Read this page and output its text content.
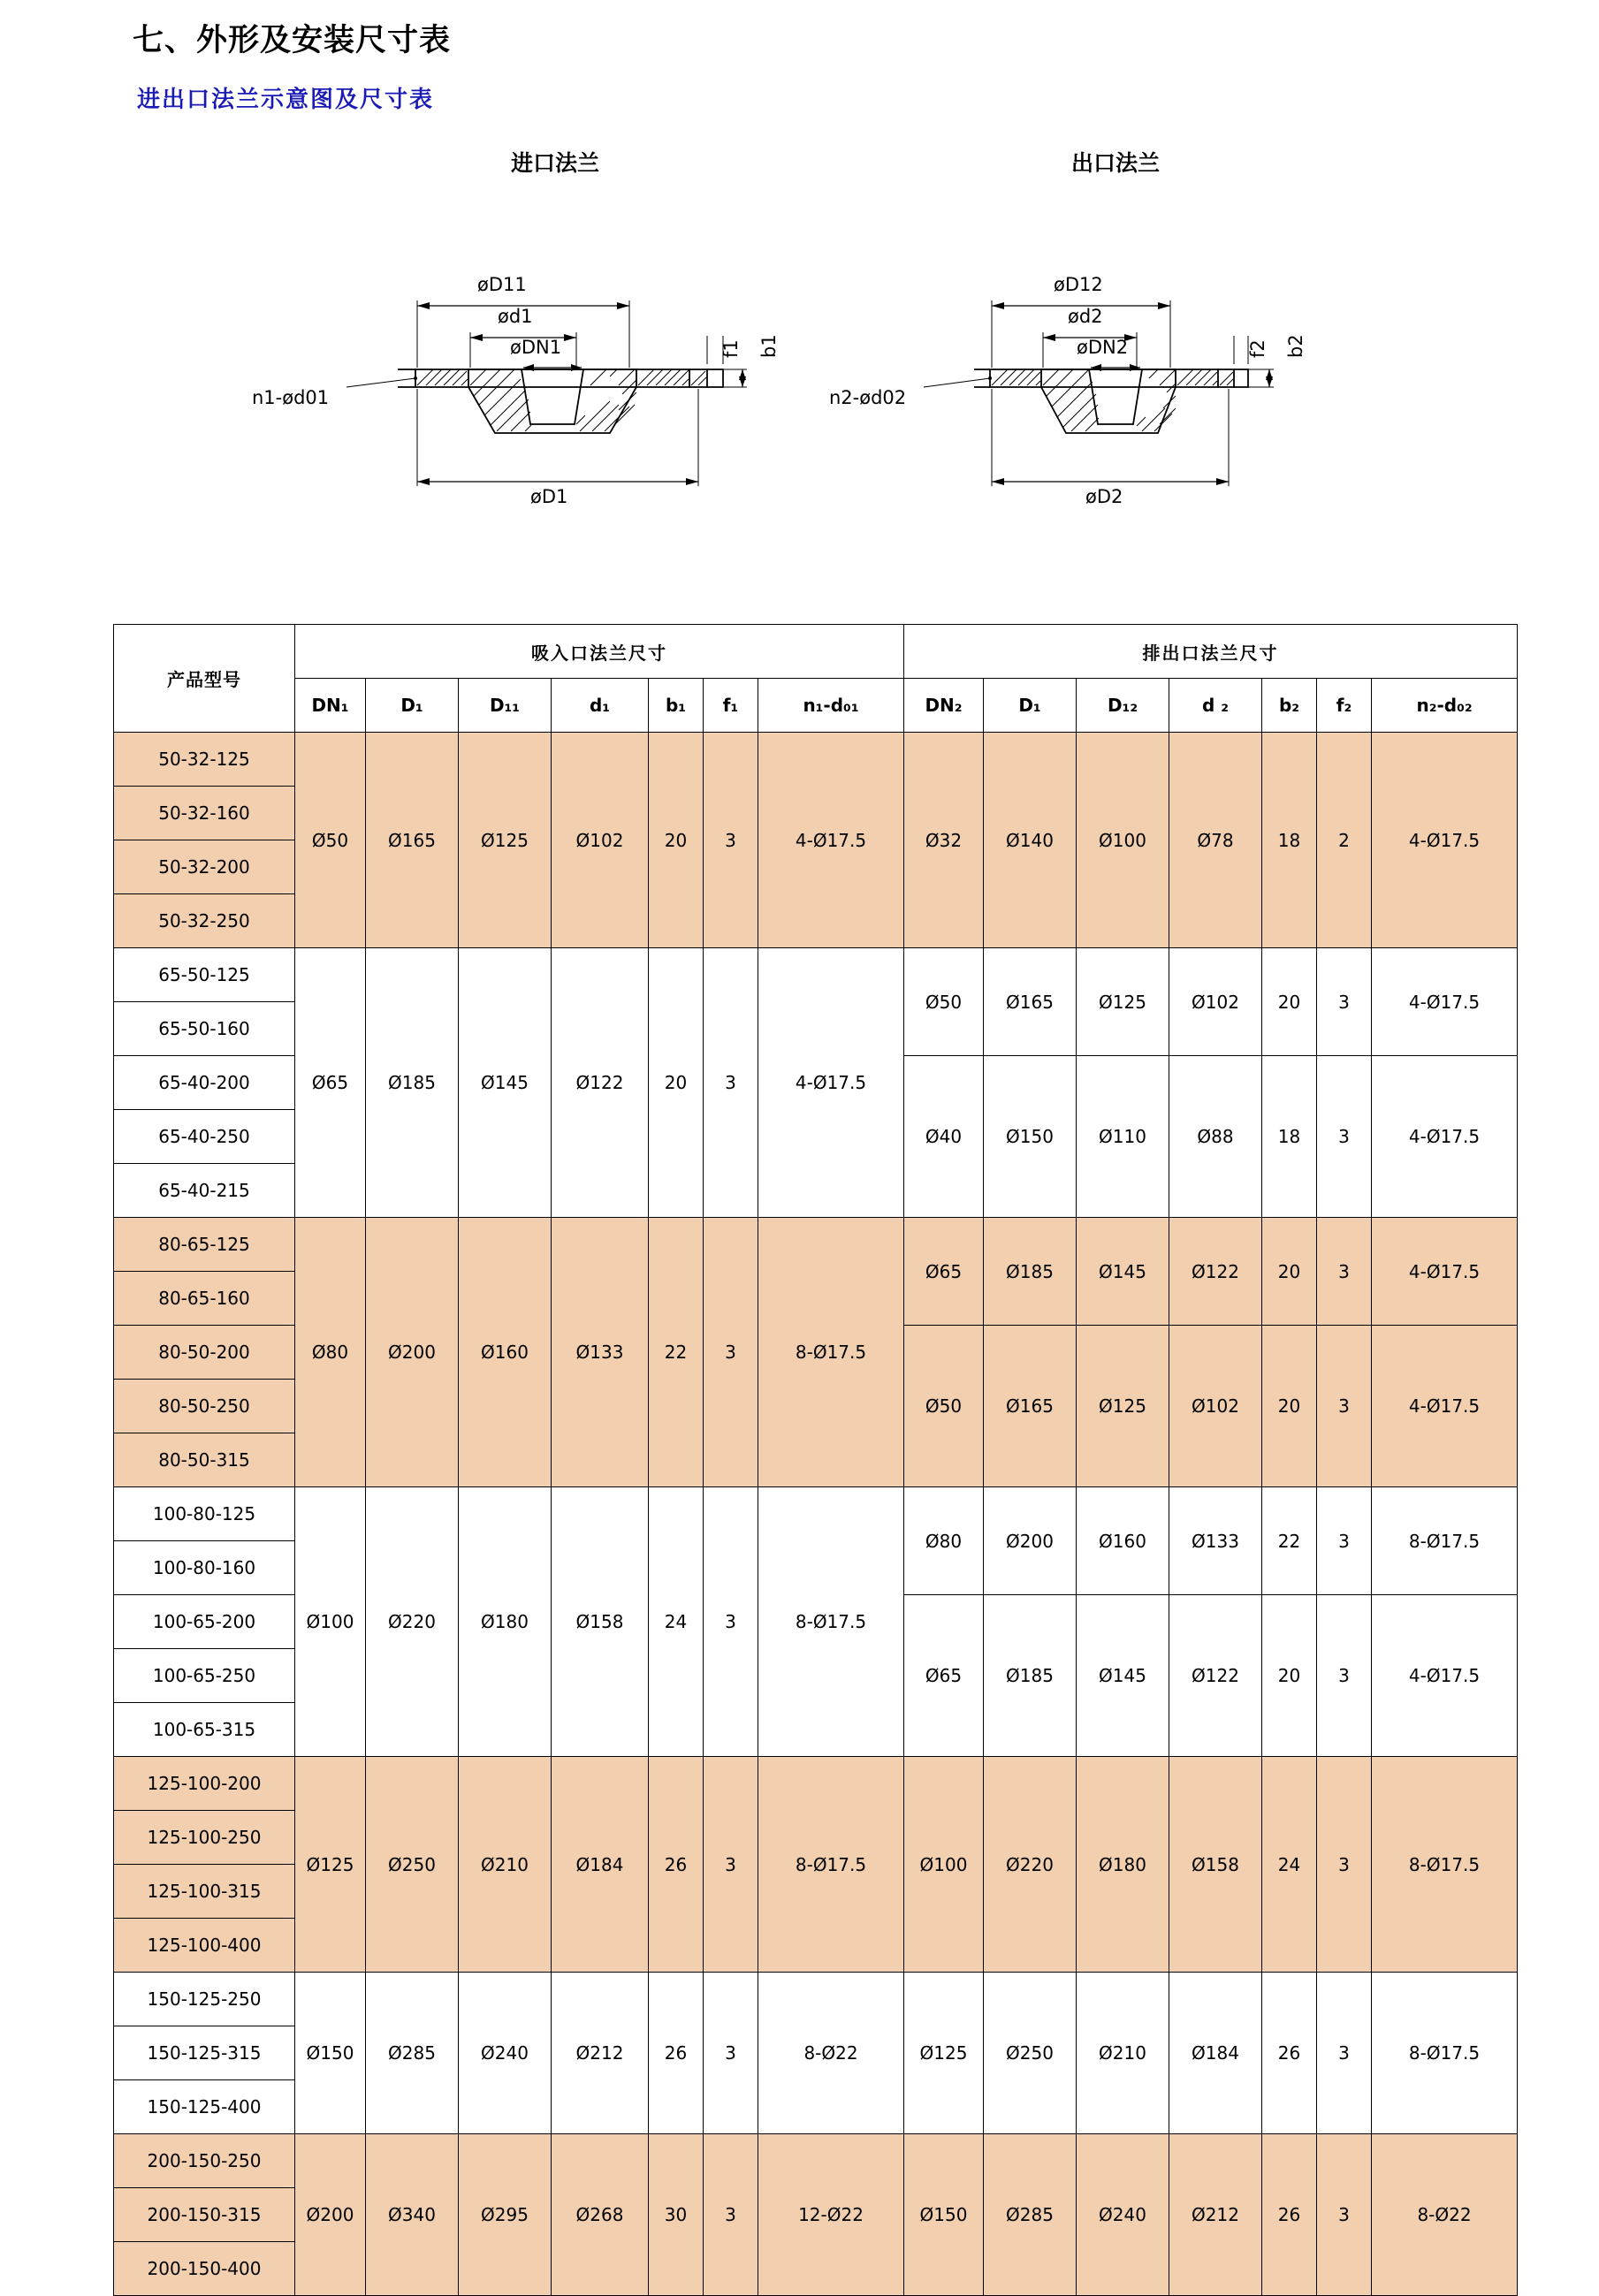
七、外形及安装尺寸表
进出口法兰示意图及尺寸表
进口法兰	出口法兰
øD11
ød1
øDN1	f1 b1
n1-ød01
øD1
øD12
ød2
øDN2	f2 b2
n2-ød02
øD2
产品型号	吸入口法兰尺寸							排出口法兰尺寸						
	DN₁	D₁	D₁₁	d₁	b₁	f₁	n₁-d₀₁	DN₂	D₁	D₁₂	d ₂	b₂	f₂	n₂-d₀₂
50-32-125	Ø50	Ø165	Ø125	Ø102	20	3	4-Ø17.5	Ø32	Ø140	Ø100	Ø78	18	2	4-Ø17.5
50-32-160														
50-32-200														
50-32-250														
65-50-125	Ø65	Ø185	Ø145	Ø122	20	3	4-Ø17.5	Ø50	Ø165	Ø125	Ø102	20	3	4-Ø17.5
65-50-160														
65-40-200								Ø40	Ø150	Ø110	Ø88	18	3	4-Ø17.5
65-40-250														
65-40-215														
80-65-125	Ø80	Ø200	Ø160	Ø133	22	3	8-Ø17.5	Ø65	Ø185	Ø145	Ø122	20	3	4-Ø17.5
80-65-160														
80-50-200								Ø50	Ø165	Ø125	Ø102	20	3	4-Ø17.5
80-50-250														
80-50-315														
100-80-125	Ø100	Ø220	Ø180	Ø158	24	3	8-Ø17.5	Ø80	Ø200	Ø160	Ø133	22	3	8-Ø17.5
100-80-160														
100-65-200								Ø65	Ø185	Ø145	Ø122	20	3	4-Ø17.5
100-65-250														
100-65-315														
125-100-200	Ø125	Ø250	Ø210	Ø184	26	3	8-Ø17.5	Ø100	Ø220	Ø180	Ø158	24	3	8-Ø17.5
125-100-250														
125-100-315														
125-100-400														
150-125-250	Ø150	Ø285	Ø240	Ø212	26	3	8-Ø22	Ø125	Ø250	Ø210	Ø184	26	3	8-Ø17.5
150-125-315														
150-125-400														
200-150-250	Ø200	Ø340	Ø295	Ø268	30	3	12-Ø22	Ø150	Ø285	Ø240	Ø212	26	3	8-Ø22
200-150-315														
200-150-400														
